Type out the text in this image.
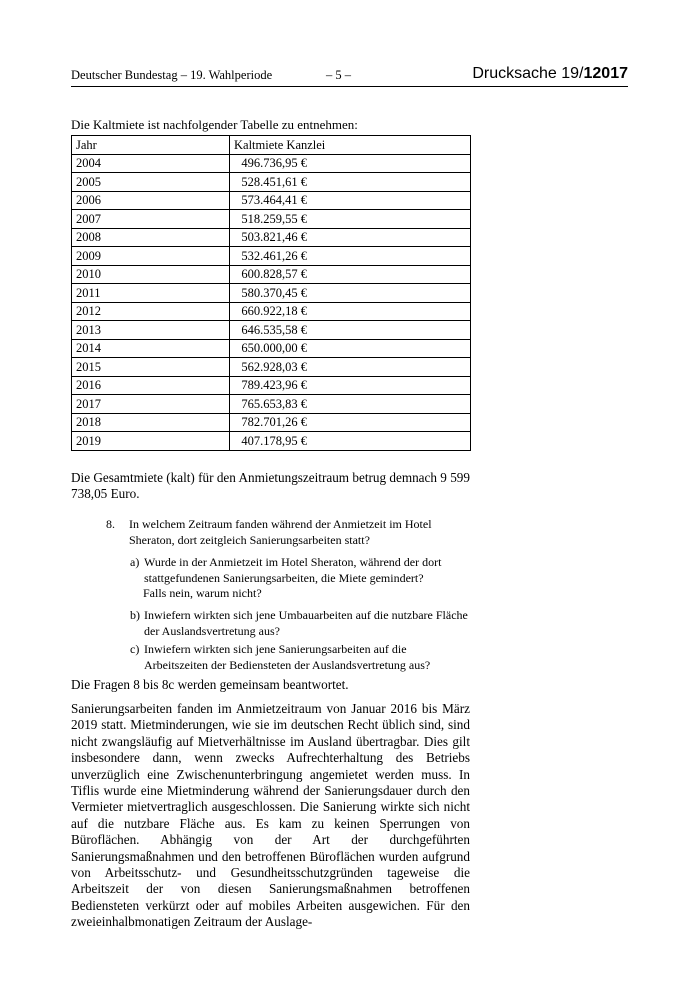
Deutscher Bundestag – 19. Wahlperiode	– 5 –	Drucksache 19/12017
Die Kaltmiete ist nachfolgender Tabelle zu entnehmen:
Jahr	Kaltmiete Kanzlei
2004	496.736,95 €
2005	528.451,61 €
2006	573.464,41 €
2007	518.259,55 €
2008	503.821,46 €
2009	532.461,26 €
2010	600.828,57 €
2011	580.370,45 €
2012	660.922,18 €
2013	646.535,58 €
2014	650.000,00 €
2015	562.928,03 €
2016	789.423,96 €
2017	765.653,83 €
2018	782.701,26 €
2019	407.178,95 €
Die Gesamtmiete (kalt) für den Anmietungszeitraum betrug demnach 9 599 738,05 Euro.
8. In welchem Zeitraum fanden während der Anmietzeit im Hotel Sheraton, dort zeitgleich Sanierungsarbeiten statt?
a) Wurde in der Anmietzeit im Hotel Sheraton, während der dort stattgefundenen Sanierungsarbeiten, die Miete gemindert?
Falls nein, warum nicht?
b) Inwiefern wirkten sich jene Umbauarbeiten auf die nutzbare Fläche der Auslandsvertretung aus?
c) Inwiefern wirkten sich jene Sanierungsarbeiten auf die Arbeitszeiten der Bediensteten der Auslandsvertretung aus?
Die Fragen 8 bis 8c werden gemeinsam beantwortet.
Sanierungsarbeiten fanden im Anmietzeitraum von Januar 2016 bis März 2019 statt. Mietminderungen, wie sie im deutschen Recht üblich sind, sind nicht zwangsläufig auf Mietverhältnisse im Ausland übertragbar. Dies gilt insbesondere dann, wenn zwecks Aufrechterhaltung des Betriebs unverzüglich eine Zwischenunterbringung angemietet werden muss. In Tiflis wurde eine Mietminderung während der Sanierungsdauer durch den Vermieter mietvertraglich ausgeschlossen. Die Sanierung wirkte sich nicht auf die nutzbare Fläche aus. Es kam zu keinen Sperrungen von Büroflächen. Abhängig von der Art der durchgeführten Sanierungsmaßnahmen und den betroffenen Büroflächen wurden aufgrund von Arbeitsschutz- und Gesundheitsschutzgründen tageweise die Arbeitszeit der von diesen Sanierungsmaßnahmen betroffenen Bediensteten verkürzt oder auf mobiles Arbeiten ausgewichen. Für den zweieinhalbmonatigen Zeitraum der Auslage-
